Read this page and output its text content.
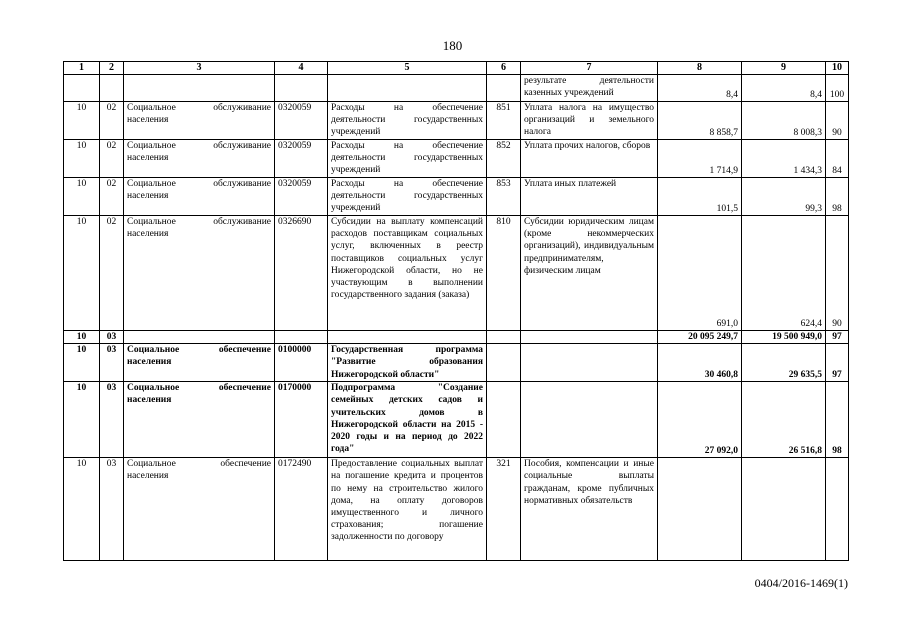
180
1	2	3	4	5	6	7	8	9	10
						результате деятельности казенных учреждений	8,4	8,4	100
10	02	Социальное обслуживание населения	0320059	Расходы на обеспечение деятельности государственных учреждений	851	Уплата налога на имущество организаций и земельного налога	8 858,7	8 008,3	90
10	02	Социальное обслуживание населения	0320059	Расходы на обеспечение деятельности государственных учреждений	852	Уплата прочих налогов, сборов	1 714,9	1 434,3	84
10	02	Социальное обслуживание населения	0320059	Расходы на обеспечение деятельности государственных учреждений	853	Уплата иных платежей	101,5	99,3	98
10	02	Социальное обслуживание населения	0326690	Субсидии на выплату компенсаций расходов поставщикам социальных услуг, включенных в реестр поставщиков социальных услуг Нижегородской области, но не участвующим в выполнении государственного задания (заказа)	810	Субсидии юридическим лицам (кроме некоммерческих организаций), индивидуальным предпринимателям, физическим лицам	691,0	624,4	90
10	03						20 095 249,7	19 500 949,0	97
10	03	Социальное обеспечение населения	0100000	Государственная программа "Развитие образования Нижегородской области"			30 460,8	29 635,5	97
10	03	Социальное обеспечение населения	0170000	Подпрограмма "Создание семейных детских садов и учительских домов в Нижегородской области на 2015 - 2020 годы и на период до 2022 года"			27 092,0	26 516,8	98
10	03	Социальное обеспечение населения	0172490	Предоставление социальных выплат на погашение кредита и процентов по нему на строительство жилого дома, на оплату договоров имущественного и личного страхования; погашение задолженности по договору	321	Пособия, компенсации и иные социальные выплаты гражданам, кроме публичных нормативных обязательств			
0404/2016-1469(1)
